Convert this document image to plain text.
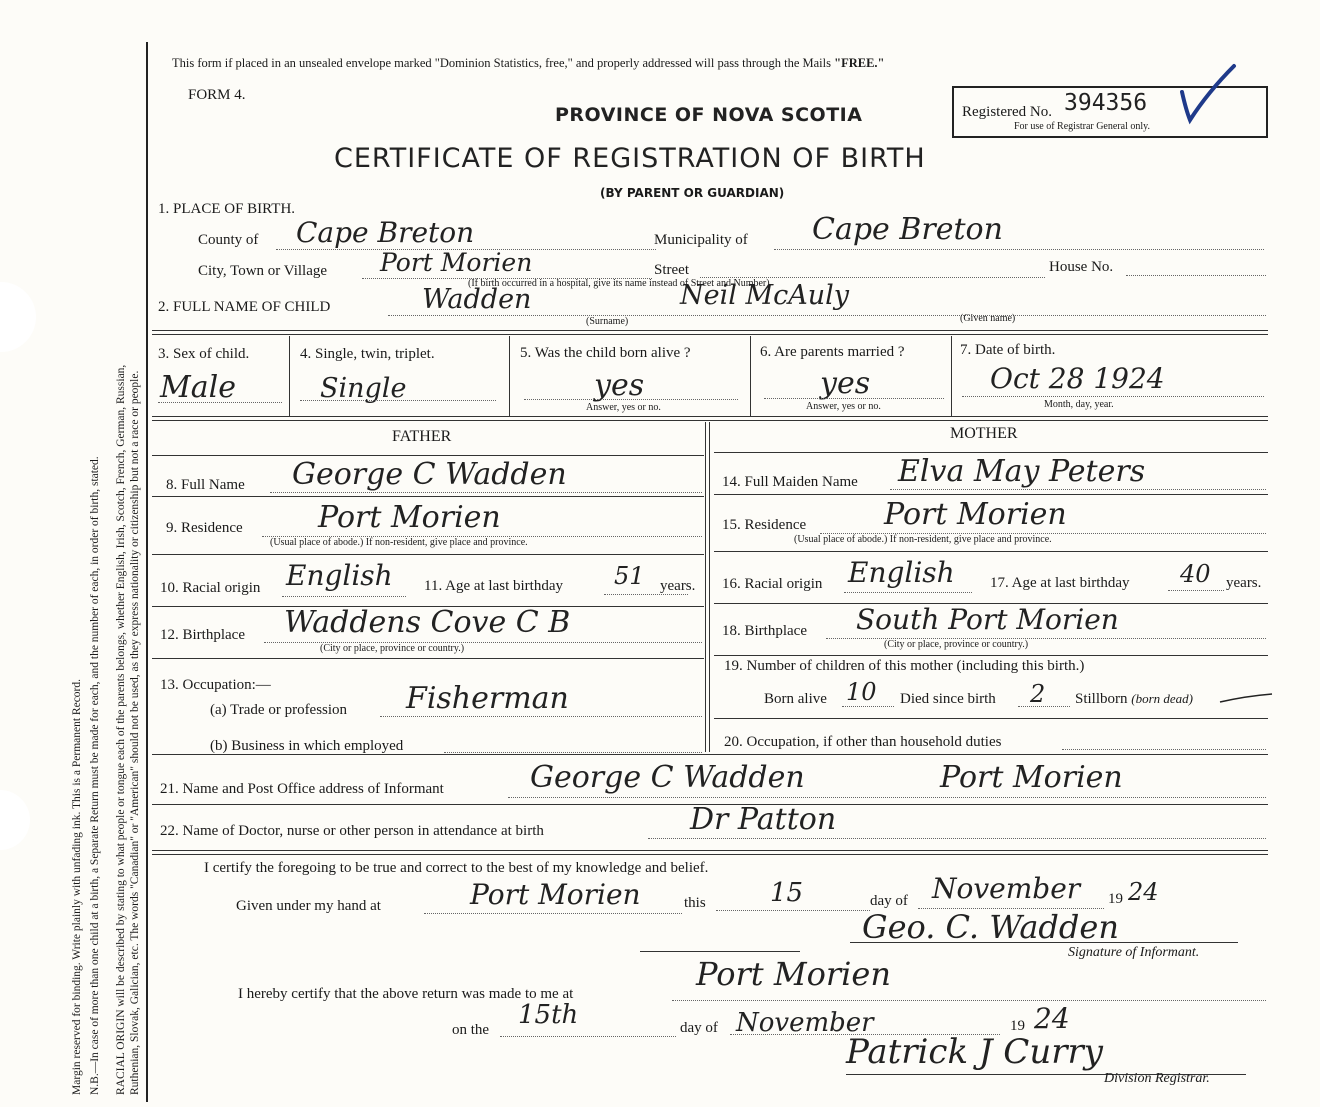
Margin reserved for binding. Write plainly with unfading ink. This is a Permanent Record. N.B.—In case of more than one child at a birth, a Separate Return must be made for each, and the number of each, in order of birth, stated. RACIAL ORIGIN will be described by stating to what people or tongue each of the parents belongs, whether English, Irish, Scotch, French, German, Russian, Ruthenian, Slovak, Galician, etc. The words "Canadian" or "American" should not be used, as they express nationality or citizenship but not a race or people.
This form if placed in an unsealed envelope marked "Dominion Statistics, free," and properly addressed will pass through the Mails "FREE."
FORM 4.
PROVINCE OF NOVA SCOTIA
CERTIFICATE OF REGISTRATION OF BIRTH
(BY PARENT OR GUARDIAN)
Registered No. 394356
For use of Registrar General only.
1. PLACE OF BIRTH.
County of Cape Breton	Municipality of Cape Breton
City, Town or Village Port Morien	Street	House No.
(If birth occurred in a hospital, give its name instead of Street and Number)
2. FULL NAME OF CHILD	Wadden	Neil McAuly
(Surname)	(Given name)
3. Sex of child.
Male
4. Single, twin, triplet.
Single
5. Was the child born alive ?
yes
Answer, yes or no.
6. Are parents married ?
yes
Answer, yes or no.
7. Date of birth.
Oct 28 1924
Month, day, year.
FATHER	MOTHER
8. Full Name George C Wadden
9. Residence	Port Morien
(Usual place of abode.) If non-resident, give place and province.
10. Racial origin English 11. Age at last birthday 51 years.
12. Birthplace Waddens Cove C B
(City or place, province or country.)
13. Occupation:—
(a) Trade or profession Fisherman
(b) Business in which employed
14. Full Maiden Name Elva May Peters
15. Residence	Port Morien
(Usual place of abode.) If non-resident, give place and province.
16. Racial origin English 17. Age at last birthday 40 years.
18. Birthplace South Port Morien
(City or place, province or country.)
19. Number of children of this mother (including this birth.)
Born alive 10 Died since birth 2 Stillborn (born dead)
20. Occupation, if other than household duties
21. Name and Post Office address of Informant	George C Wadden	Port Morien
22. Name of Doctor, nurse or other person in attendance at birth	Dr Patton
I certify the foregoing to be true and correct to the best of my knowledge and belief.
Given under my hand at	Port Morien	this 15	day of November 19 24
Geo. C. Wadden
Signature of Informant.
I hereby certify that the above return was made to me at
Port Morien
on the 15th	day of November	19 24
Patrick J Curry
Division Registrar.
